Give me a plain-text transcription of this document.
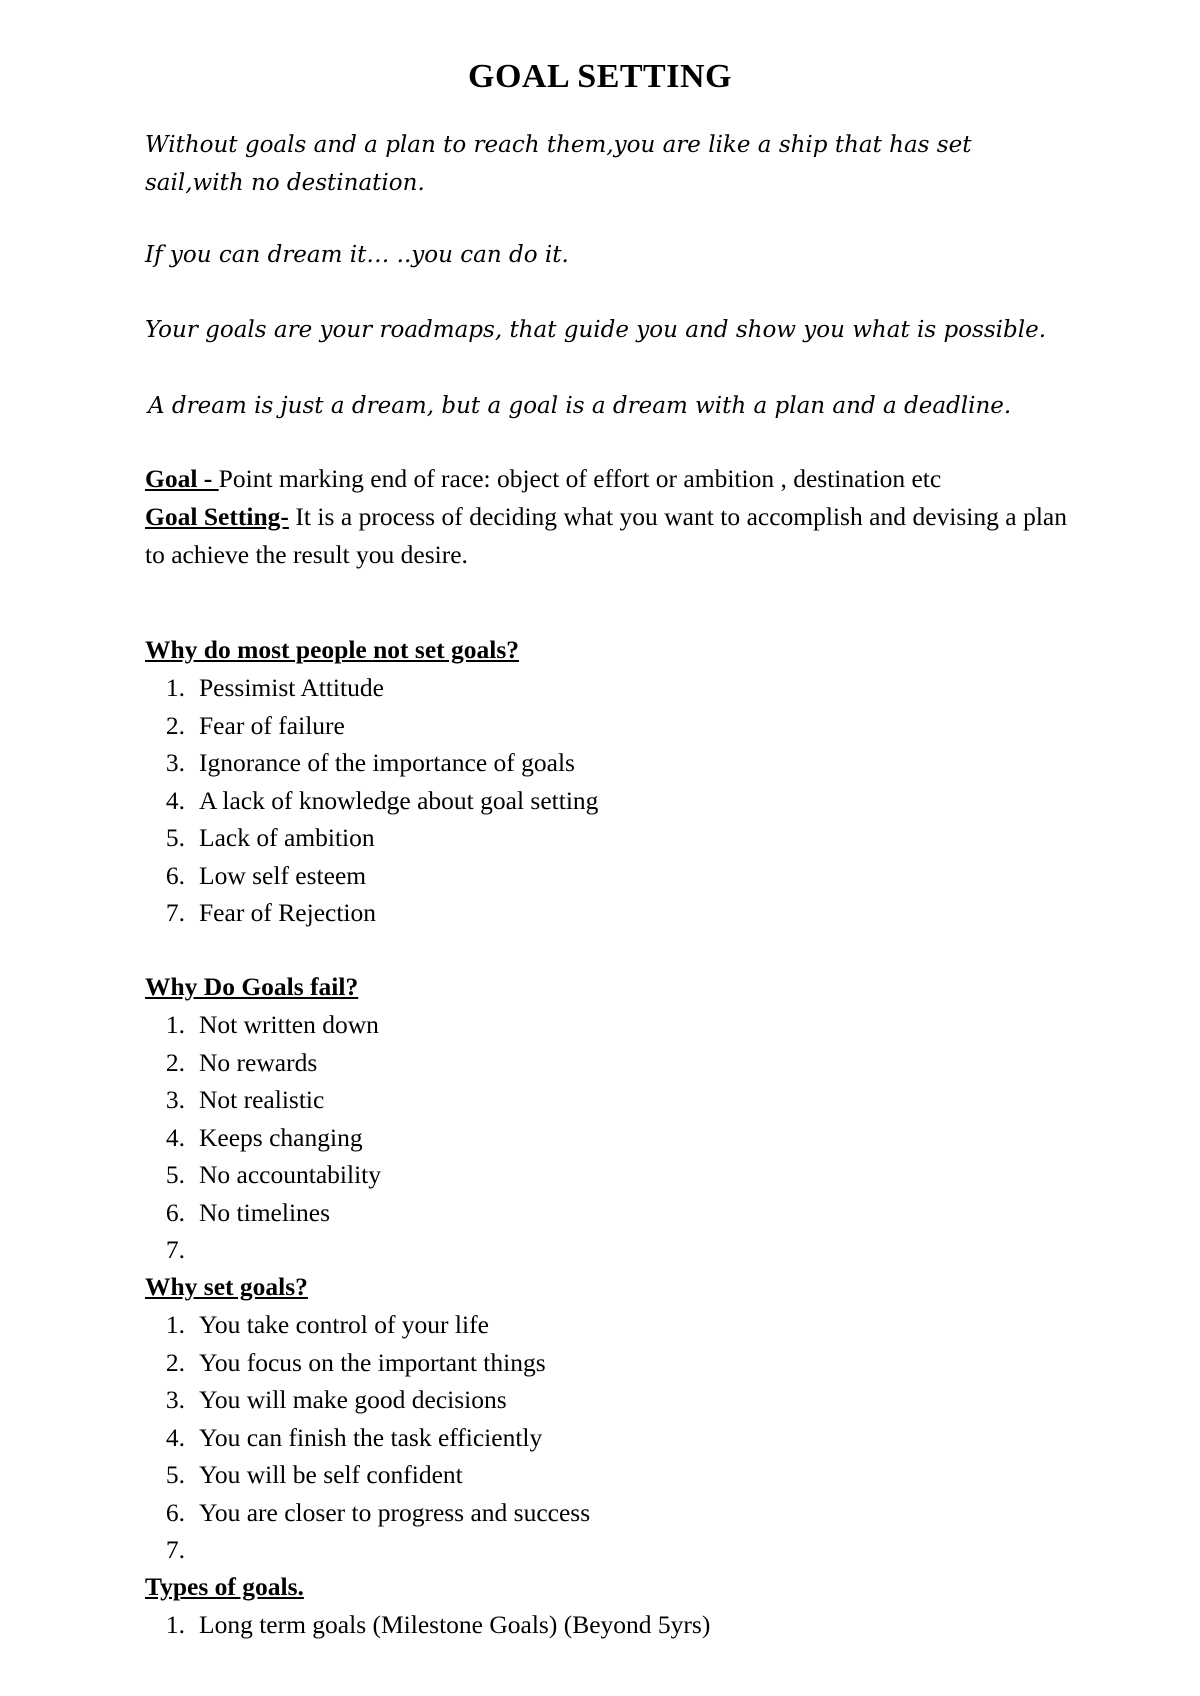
GOAL SETTING
Without goals and a plan to reach them,you are like a ship that has set sail,with no destination.
If you can dream it… ..you can do it.
Your goals are your roadmaps, that guide you and show you what is possible.
A dream is just a dream, but a goal is a dream with a plan and a deadline.
Goal - Point marking end of race: object of effort or ambition , destination etc
Goal Setting- It is a process of deciding what you want to accomplish and devising a plan to achieve the result you desire.
Why do most people not set goals?
1. Pessimist Attitude
2. Fear of failure
3. Ignorance of the importance of goals
4. A lack of knowledge about goal setting
5. Lack of ambition
6. Low self esteem
7. Fear of Rejection
Why Do Goals fail?
1. Not written down
2. No rewards
3. Not realistic
4. Keeps changing
5. No accountability
6. No timelines
7.
Why set goals?
1. You take control of your life
2. You focus on the important things
3. You will make good decisions
4. You can finish the task efficiently
5. You will be self confident
6. You are closer to progress and success
7.
Types of goals.
1. Long term goals (Milestone Goals) (Beyond 5yrs)
